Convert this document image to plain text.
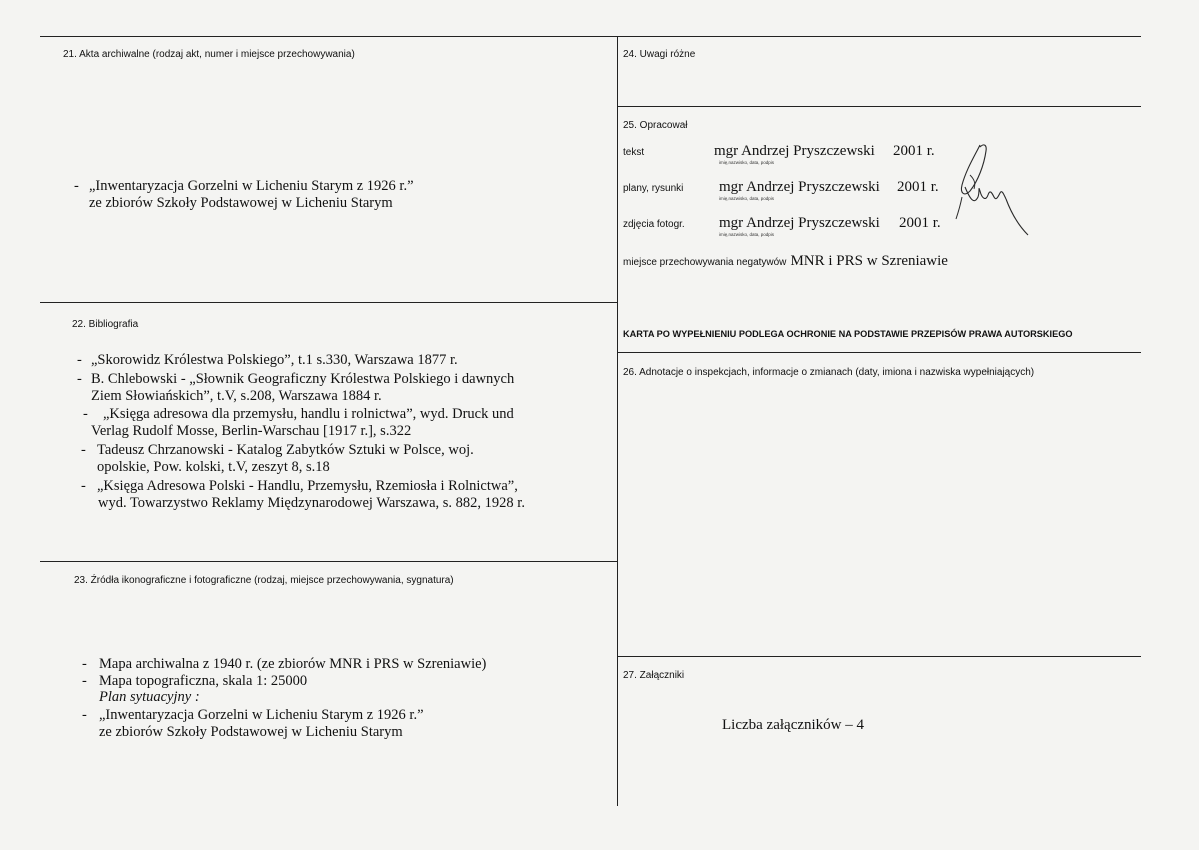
21. Akta archiwalne (rodzaj akt, numer i miejsce przechowywania)
- „Inwentaryzacja Gorzelni w Licheniu Starym z 1926 r.”
ze zbiorów Szkoły Podstawowej w Licheniu Starym
22. Bibliografia
- „Skorowidz Królestwa Polskiego”, t.1 s.330, Warszawa 1877 r.
- B. Chlebowski - „Słownik Geograficzny Królestwa Polskiego i dawnych
Ziem Słowiańskich”, t.V, s.208, Warszawa 1884 r.
- „Księga adresowa dla przemysłu, handlu i rolnictwa”, wyd. Druck und
Verlag Rudolf Mosse, Berlin-Warschau [1917 r.], s.322
- Tadeusz Chrzanowski - Katalog Zabytków Sztuki w Polsce, woj.
opolskie, Pow. kolski, t.V, zeszyt 8, s.18
- „Księga Adresowa Polski - Handlu, Przemysłu, Rzemiosła i Rolnictwa”,
wyd. Towarzystwo Reklamy Międzynarodowej Warszawa, s. 882, 1928 r.
23. Źródła ikonograficzne i fotograficzne (rodzaj, miejsce przechowywania, sygnatura)
- Mapa archiwalna z 1940 r. (ze zbiorów MNR i PRS w Szreniawie)
- Mapa topograficzna, skala 1: 25000
Plan sytuacyjny :
- „Inwentaryzacja Gorzelni w Licheniu Starym z 1926 r.”
ze zbiorów Szkoły Podstawowej w Licheniu Starym
24. Uwagi różne
25. Opracował
tekst	mgr Andrzej Pryszczewski 2001 r.
imię,nazwisko, data, podpis
plany, rysunki mgr Andrzej Pryszczewski 2001 r.
imię,nazwisko, data, podpis
zdjęcia fotogr. mgr Andrzej Pryszczewski 2001 r.
imię,nazwisko, data, podpis
miejsce przechowywania negatywów MNR i PRS w Szreniawie
KARTA PO WYPEŁNIENIU PODLEGA OCHRONIE NA PODSTAWIE PRZEPISÓW PRAWA AUTORSKIEGO
26. Adnotacje o inspekcjach, informacje o zmianach (daty, imiona i nazwiska wypełniających)
27. Załączniki
Liczba załączników – 4
